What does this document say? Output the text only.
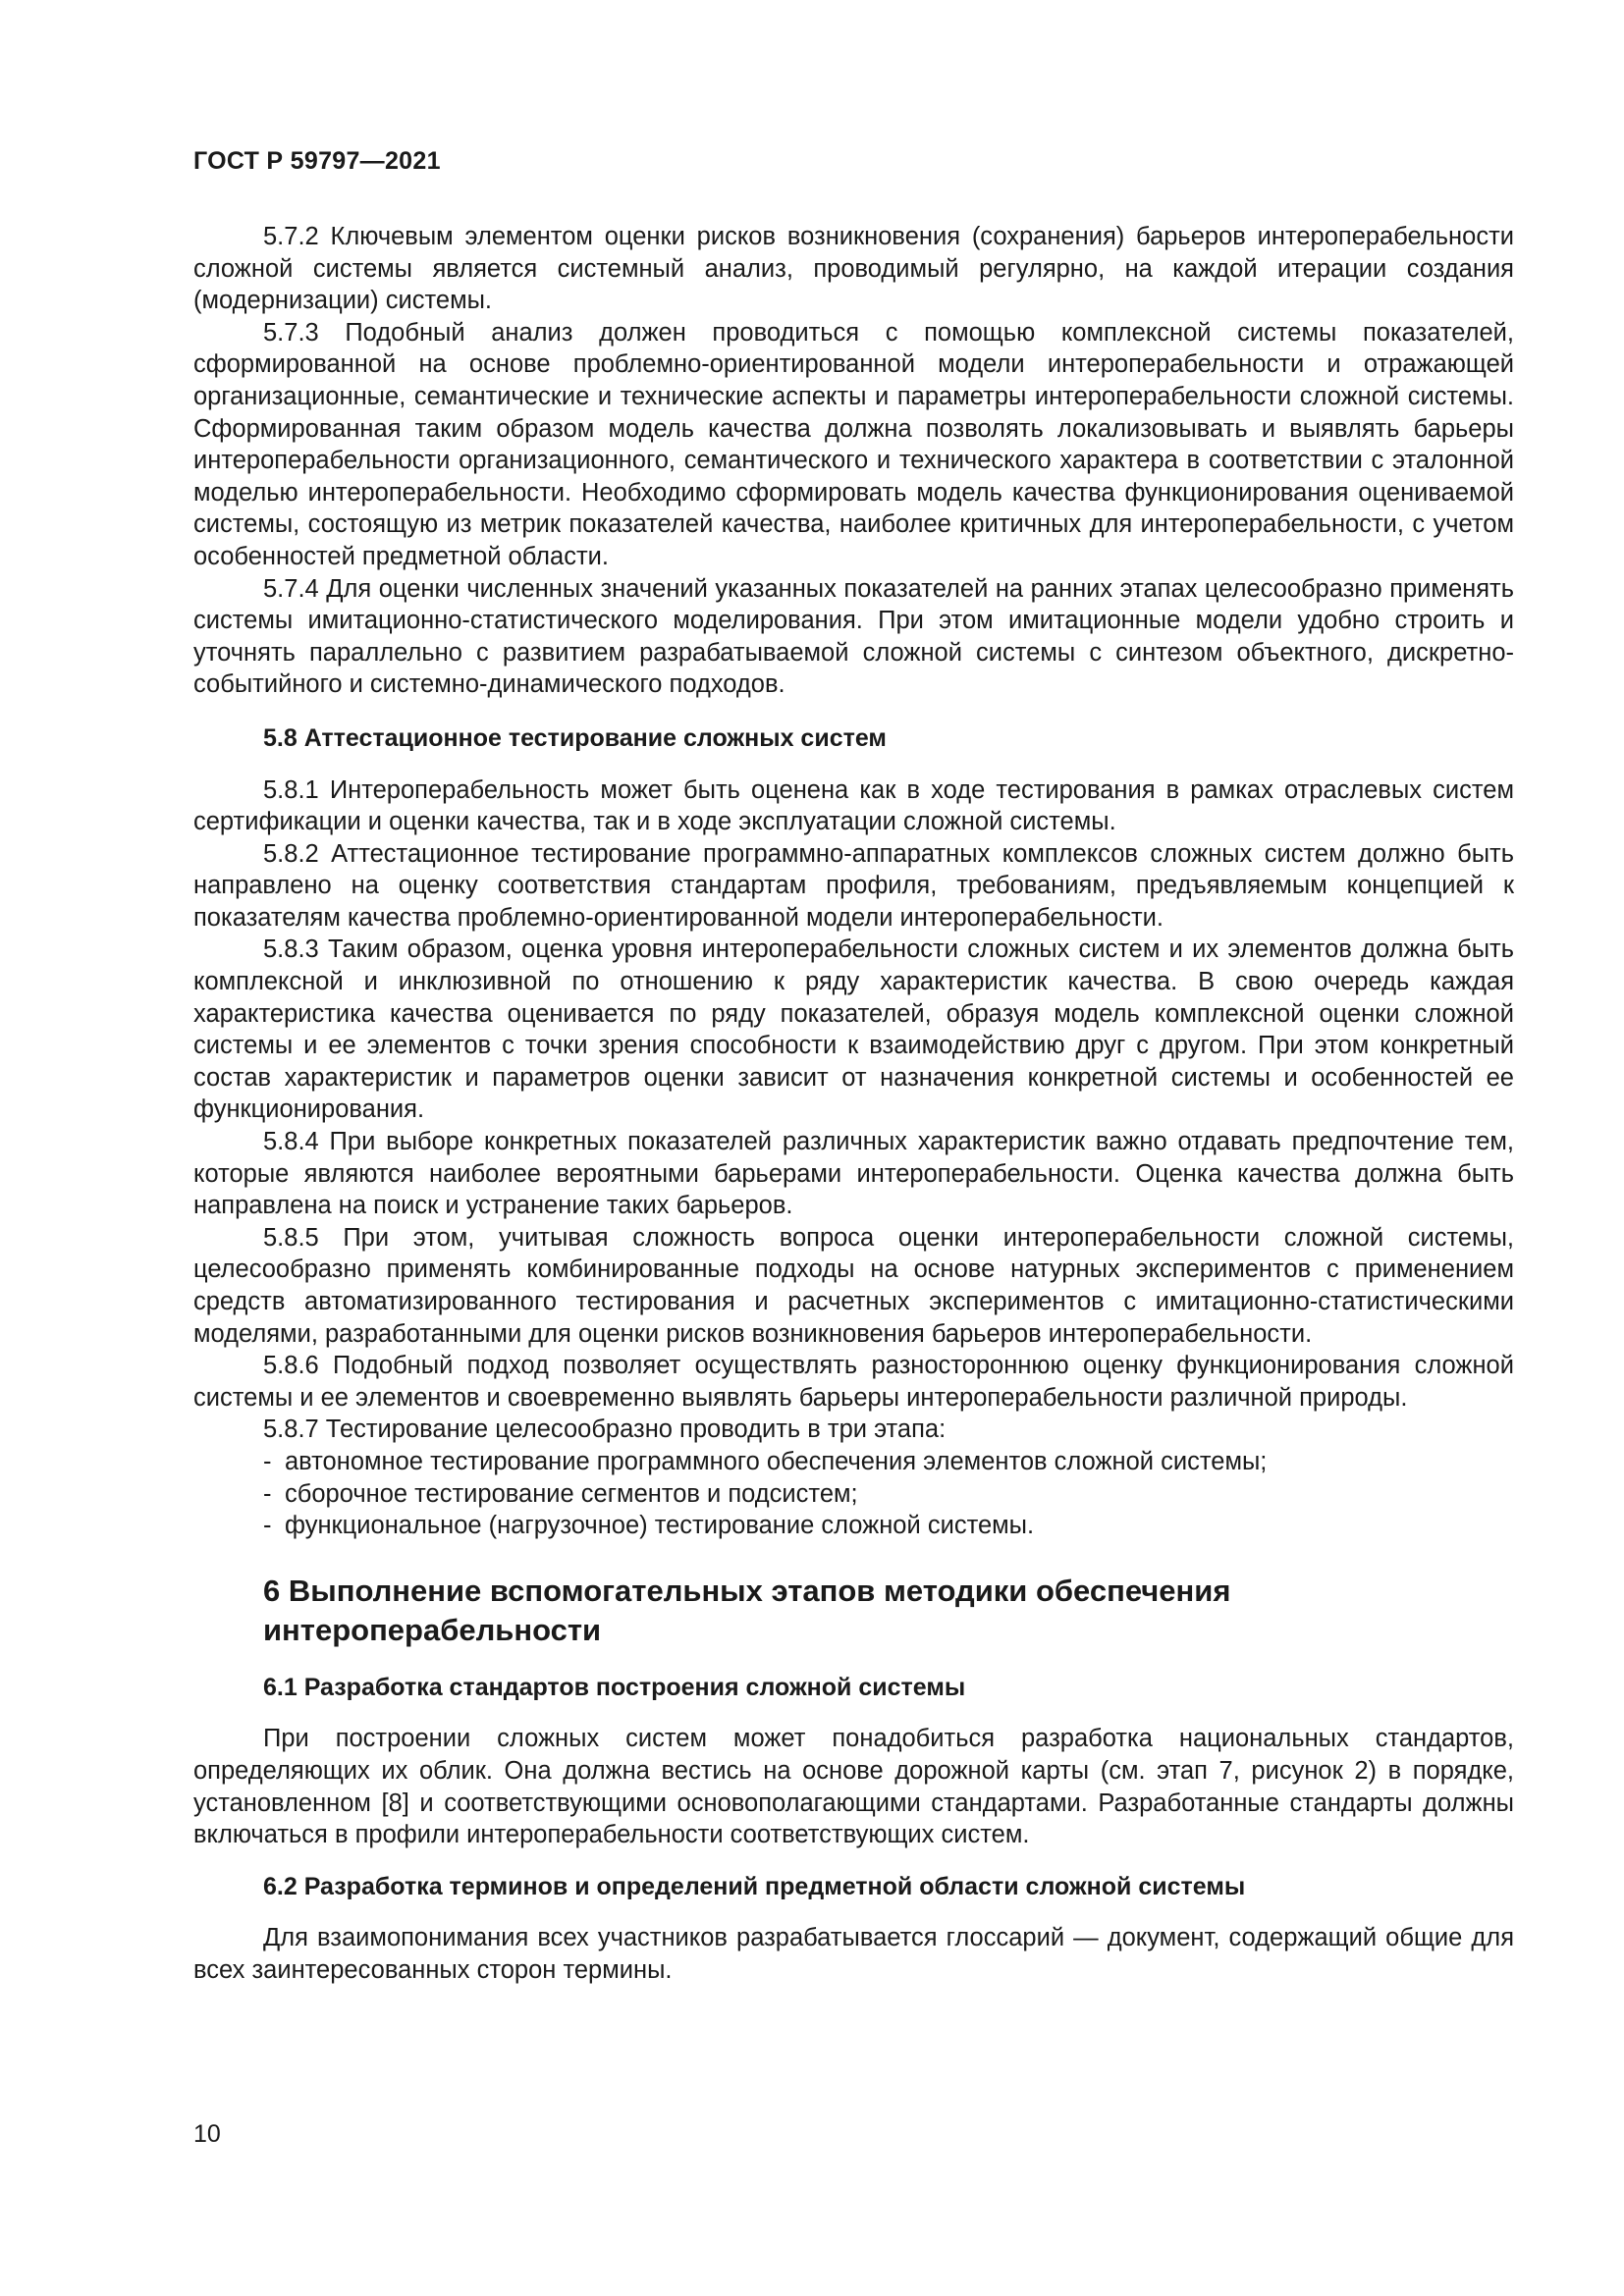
ГОСТ Р 59797—2021

5.7.2 Ключевым элементом оценки рисков возникновения (сохранения) барьеров интероперабельности сложной системы является системный анализ, проводимый регулярно, на каждой итерации создания (модернизации) системы.

5.7.3 Подобный анализ должен проводиться с помощью комплексной системы показателей, сформированной на основе проблемно-ориентированной модели интероперабельности и отражающей организационные, семантические и технические аспекты и параметры интероперабельности сложной системы. Сформированная таким образом модель качества должна позволять локализовывать и выявлять барьеры интероперабельности организационного, семантического и технического характера в соответствии с эталонной моделью интероперабельности. Необходимо сформировать модель качества функционирования оцениваемой системы, состоящую из метрик показателей качества, наиболее критичных для интероперабельности, с учетом особенностей предметной области.

5.7.4 Для оценки численных значений указанных показателей на ранних этапах целесообразно применять системы имитационно-статистического моделирования. При этом имитационные модели удобно строить и уточнять параллельно с развитием разрабатываемой сложной системы с синтезом объектного, дискретно-событийного и системно-динамического подходов.

5.8 Аттестационное тестирование сложных систем

5.8.1 Интероперабельность может быть оценена как в ходе тестирования в рамках отраслевых систем сертификации и оценки качества, так и в ходе эксплуатации сложной системы.

5.8.2 Аттестационное тестирование программно-аппаратных комплексов сложных систем должно быть направлено на оценку соответствия стандартам профиля, требованиям, предъявляемым концепцией к показателям качества проблемно-ориентированной модели интероперабельности.

5.8.3 Таким образом, оценка уровня интероперабельности сложных систем и их элементов должна быть комплексной и инклюзивной по отношению к ряду характеристик качества. В свою очередь каждая характеристика качества оценивается по ряду показателей, образуя модель комплексной оценки сложной системы и ее элементов с точки зрения способности к взаимодействию друг с другом. При этом конкретный состав характеристик и параметров оценки зависит от назначения конкретной системы и особенностей ее функционирования.

5.8.4 При выборе конкретных показателей различных характеристик важно отдавать предпочтение тем, которые являются наиболее вероятными барьерами интероперабельности. Оценка качества должна быть направлена на поиск и устранение таких барьеров.

5.8.5 При этом, учитывая сложность вопроса оценки интероперабельности сложной системы, целесообразно применять комбинированные подходы на основе натурных экспериментов с применением средств автоматизированного тестирования и расчетных экспериментов с имитационно-статистическими моделями, разработанными для оценки рисков возникновения барьеров интероперабельности.

5.8.6 Подобный подход позволяет осуществлять разностороннюю оценку функционирования сложной системы и ее элементов и своевременно выявлять барьеры интероперабельности различной природы.

5.8.7 Тестирование целесообразно проводить в три этапа:

- автономное тестирование программного обеспечения элементов сложной системы;
- сборочное тестирование сегментов и подсистем;
- функциональное (нагрузочное) тестирование сложной системы.
6 Выполнение вспомогательных этапов методики обеспечения интероперабельности
6.1 Разработка стандартов построения сложной системы

При построении сложных систем может понадобиться разработка национальных стандартов, определяющих их облик. Она должна вестись на основе дорожной карты (см. этап 7, рисунок 2) в порядке, установленном [8] и соответствующими основополагающими стандартами. Разработанные стандарты должны включаться в профили интероперабельности соответствующих систем.

6.2 Разработка терминов и определений предметной области сложной системы

Для взаимопонимания всех участников разрабатывается глоссарий — документ, содержащий общие для всех заинтересованных сторон термины.

10
